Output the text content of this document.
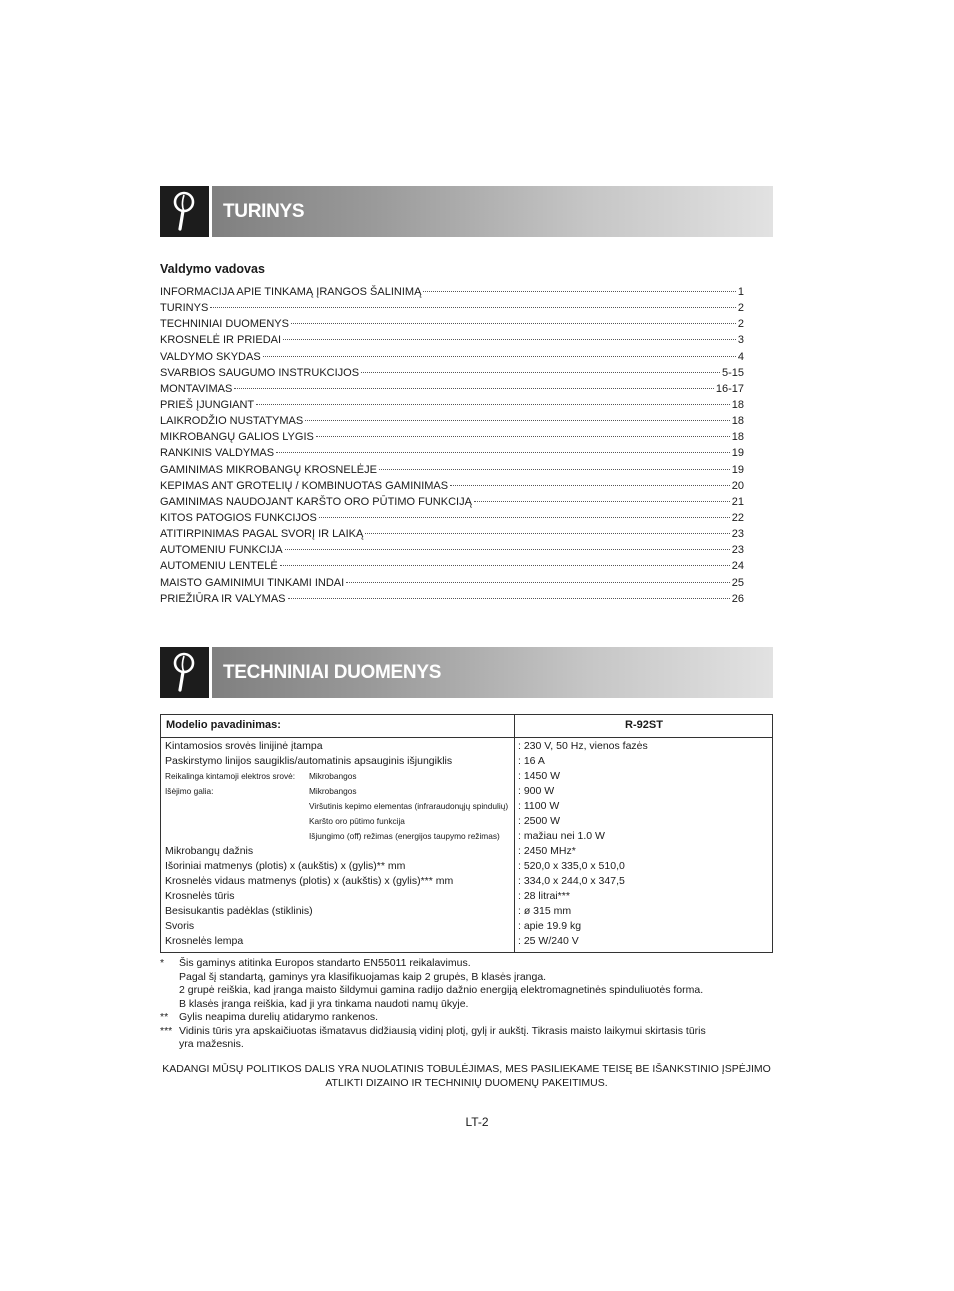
TURINYS
Valdymo vadovas
INFORMACIJA APIE TINKAMĄ ĮRANGOS ŠALINIMĄ	1
TURINYS	2
TECHNINIAI DUOMENYS	2
KROSNELĖ IR PRIEDAI	3
VALDYMO SKYDAS	4
SVARBIOS SAUGUMO INSTRUKCIJOS	5-15
MONTAVIMAS	16-17
PRIEŠ ĮJUNGIANT	18
LAIKRODŽIO NUSTATYMAS	18
MIKROBANGŲ GALIOS LYGIS	18
RANKINIS VALDYMAS	19
GAMINIMAS MIKROBANGŲ KROSNELĖJE	19
KEPIMAS ANT GROTELIŲ / KOMBINUOTAS GAMINIMAS	20
GAMINIMAS NAUDOJANT KARŠTO ORO PŪTIMO FUNKCIJĄ	21
KITOS PATOGIOS FUNKCIJOS	22
ATITIRPINIMAS PAGAL SVORĮ IR LAIKĄ	23
AUTOMENIU FUNKCIJA	23
AUTOMENIU LENTELĖ	24
MAISTO GAMINIMUI TINKAMI INDAI	25
PRIEŽIŪRA IR VALYMAS	26
TECHNINIAI DUOMENYS
Modelio pavadinimas:	R-92ST
Kintamosios srovės linijinė įtampa	: 230 V, 50 Hz, vienos fazės
Paskirstymo linijos saugiklis/automatinis apsauginis išjungiklis	: 16 A
Reikalinga kintamoji elektros srovė: Mikrobangos	: 1450 W
Išėjimo galia:	Mikrobangos	: 900 W
Viršutinis kepimo elementas (infraraudonųjų spindulių) : 1100 W
Karšto oro pūtimo funkcija	: 2500 W
Išjungimo (off) režimas (energijos taupymo režimas) : mažiau nei 1.0 W
Mikrobangų dažnis	: 2450 MHz*
Išoriniai matmenys (plotis) x (aukštis) x (gylis)** mm	: 520,0 x 335,0 x 510,0
Krosnelės vidaus matmenys (plotis) x (aukštis) x (gylis)*** mm	: 334,0 x 244,0 x 347,5
Krosnelės tūris	: 28 litrai***
Besisukantis padėklas (stiklinis)	: ø 315 mm
Svoris	: apie 19.9 kg
Krosnelės lempa	: 25 W/240 V
* Šis gaminys atitinka Europos standarto EN55011 reikalavimus.
Pagal šį standartą, gaminys yra klasifikuojamas kaip 2 grupės, B klasės įranga.
2 grupė reiškia, kad įranga maisto šildymui gamina radijo dažnio energiją elektromagnetinės spinduliuotės forma.
B klasės įranga reiškia, kad ji yra tinkama naudoti namų ūkyje.
** Gylis neapima durelių atidarymo rankenos.
*** Vidinis tūris yra apskaičiuotas išmatavus didžiausią vidinį plotį, gylį ir aukštį. Tikrasis maisto laikymui skirtasis tūris
yra mažesnis.
KADANGI MŪSŲ POLITIKOS DALIS YRA NUOLATINIS TOBULĖJIMAS, MES PASILIEKAME TEISĘ BE IŠANKSTINIO ĮSPĖJIMO
ATLIKTI DIZAINO IR TECHNINIŲ DUOMENŲ PAKEITIMUS.
LT-2
